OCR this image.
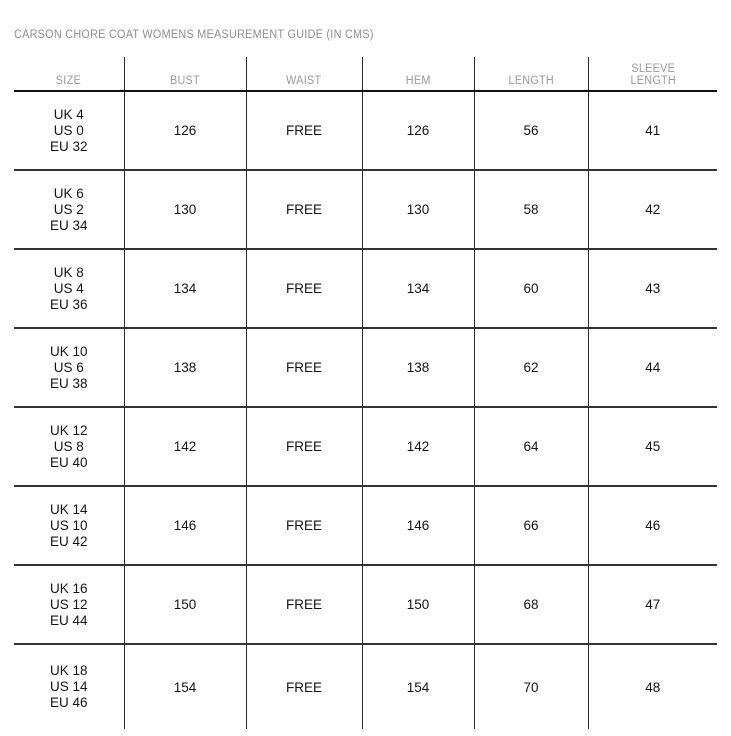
CARSON CHORE COAT WOMENS MEASUREMENT GUIDE (IN CMS)
SIZE	BUST	WAIST	HEM	LENGTH	SLEEVE
LENGTH

UK 4
US 0
EU 32	126	FREE	126	56	41

UK 6
US 2
EU 34	130	FREE	130	58	42

UK 8
US 4
EU 36	134	FREE	134	60	43

UK 10
US 6
EU 38	138	FREE	138	62	44

UK 12
US 8
EU 40	142	FREE	142	64	45

UK 14
US 10
EU 42	146	FREE	146	66	46

UK 16
US 12
EU 44	150	FREE	150	68	47

UK 18
US 14
EU 46	154	FREE	154	70	48
